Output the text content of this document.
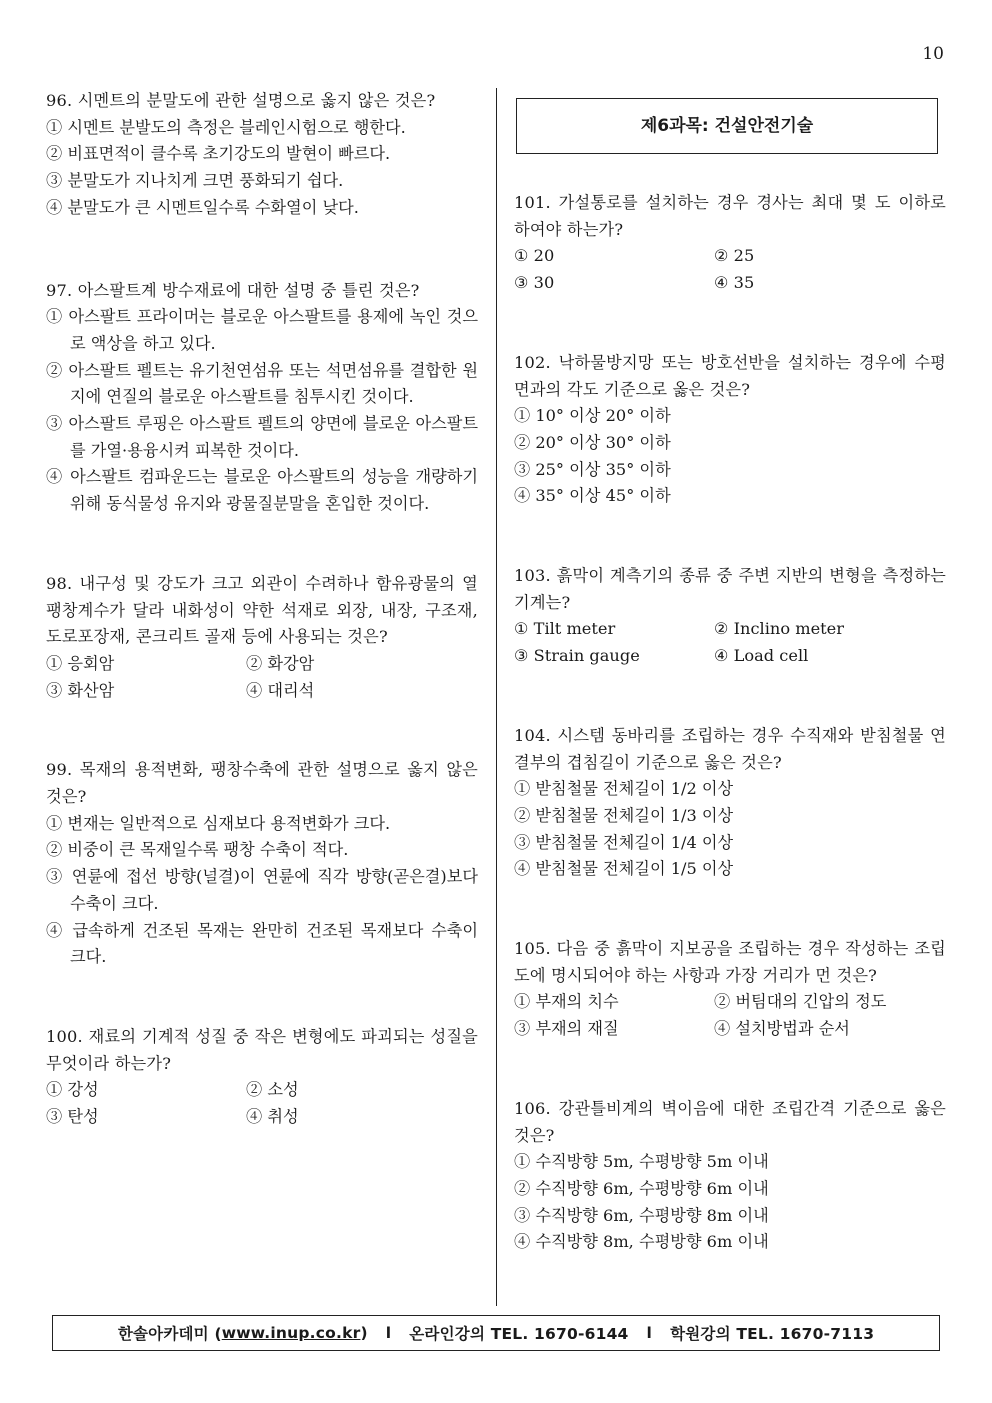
10
96. 시멘트의 분말도에 관한 설명으로 옳지 않은 것은?
① 시멘트 분발도의 측정은 블레인시험으로 행한다.
② 비표면적이 클수록 초기강도의 발현이 빠르다.
③ 분말도가 지나치게 크면 풍화되기 쉽다.
④ 분말도가 큰 시멘트일수록 수화열이 낮다.
97. 아스팔트계 방수재료에 대한 설명 중 틀린 것은?
① 아스팔트 프라이머는 블로운 아스팔트를 용제에 녹인 것으로 액상을 하고 있다.
② 아스팔트 펠트는 유기천연섬유 또는 석면섬유를 결합한 원지에 연질의 블로운 아스팔트를 침투시킨 것이다.
③ 아스팔트 루핑은 아스팔트 펠트의 양면에 블로운 아스팔트를 가열·용융시켜 피복한 것이다.
④ 아스팔트 컴파운드는 블로운 아스팔트의 성능을 개량하기 위해 동식물성 유지와 광물질분말을 혼입한 것이다.
98. 내구성 및 강도가 크고 외관이 수려하나 함유광물의 열팽창계수가 달라 내화성이 약한 석재로 외장, 내장, 구조재, 도로포장재, 콘크리트 골재 등에 사용되는 것은?
① 응회암	② 화강암
③ 화산암	④ 대리석
99. 목재의 용적변화, 팽창수축에 관한 설명으로 옳지 않은 것은?
① 변재는 일반적으로 심재보다 용적변화가 크다.
② 비중이 큰 목재일수록 팽창 수축이 적다.
③ 연륜에 접선 방향(널결)이 연륜에 직각 방향(곧은결)보다 수축이 크다.
④ 급속하게 건조된 목재는 완만히 건조된 목재보다 수축이 크다.
100. 재료의 기계적 성질 중 작은 변형에도 파괴되는 성질을 무엇이라 하는가?
① 강성	② 소성
③ 탄성	④ 취성
제6과목: 건설안전기술
101. 가설통로를 설치하는 경우 경사는 최대 몇 도 이하로 하여야 하는가?
① 20	② 25
③ 30	④ 35
102. 낙하물방지망 또는 방호선반을 설치하는 경우에 수평면과의 각도 기준으로 옳은 것은?
① 10° 이상 20° 이하
② 20° 이상 30° 이하
③ 25° 이상 35° 이하
④ 35° 이상 45° 이하
103. 흙막이 계측기의 종류 중 주변 지반의 변형을 측정하는 기계는?
① Tilt meter	② Inclino meter
③ Strain gauge	④ Load cell
104. 시스템 동바리를 조립하는 경우 수직재와 받침철물 연결부의 겹침길이 기준으로 옳은 것은?
① 받침철물 전체길이 1/2 이상
② 받침철물 전체길이 1/3 이상
③ 받침철물 전체길이 1/4 이상
④ 받침철물 전체길이 1/5 이상
105. 다음 중 흙막이 지보공을 조립하는 경우 작성하는 조립도에 명시되어야 하는 사항과 가장 거리가 먼 것은?
① 부재의 치수	② 버팀대의 긴압의 정도
③ 부재의 재질	④ 설치방법과 순서
106. 강관틀비계의 벽이음에 대한 조립간격 기준으로 옳은 것은?
① 수직방향 5m, 수평방향 5m 이내
② 수직방향 6m, 수평방향 6m 이내
③ 수직방향 6m, 수평방향 8m 이내
④ 수직방향 8m, 수평방향 6m 이내
한솔아카데미 ( www.inup.co.kr ) l 온라인강의 TEL. 1670-6144 l 학원강의 TEL. 1670-7113
